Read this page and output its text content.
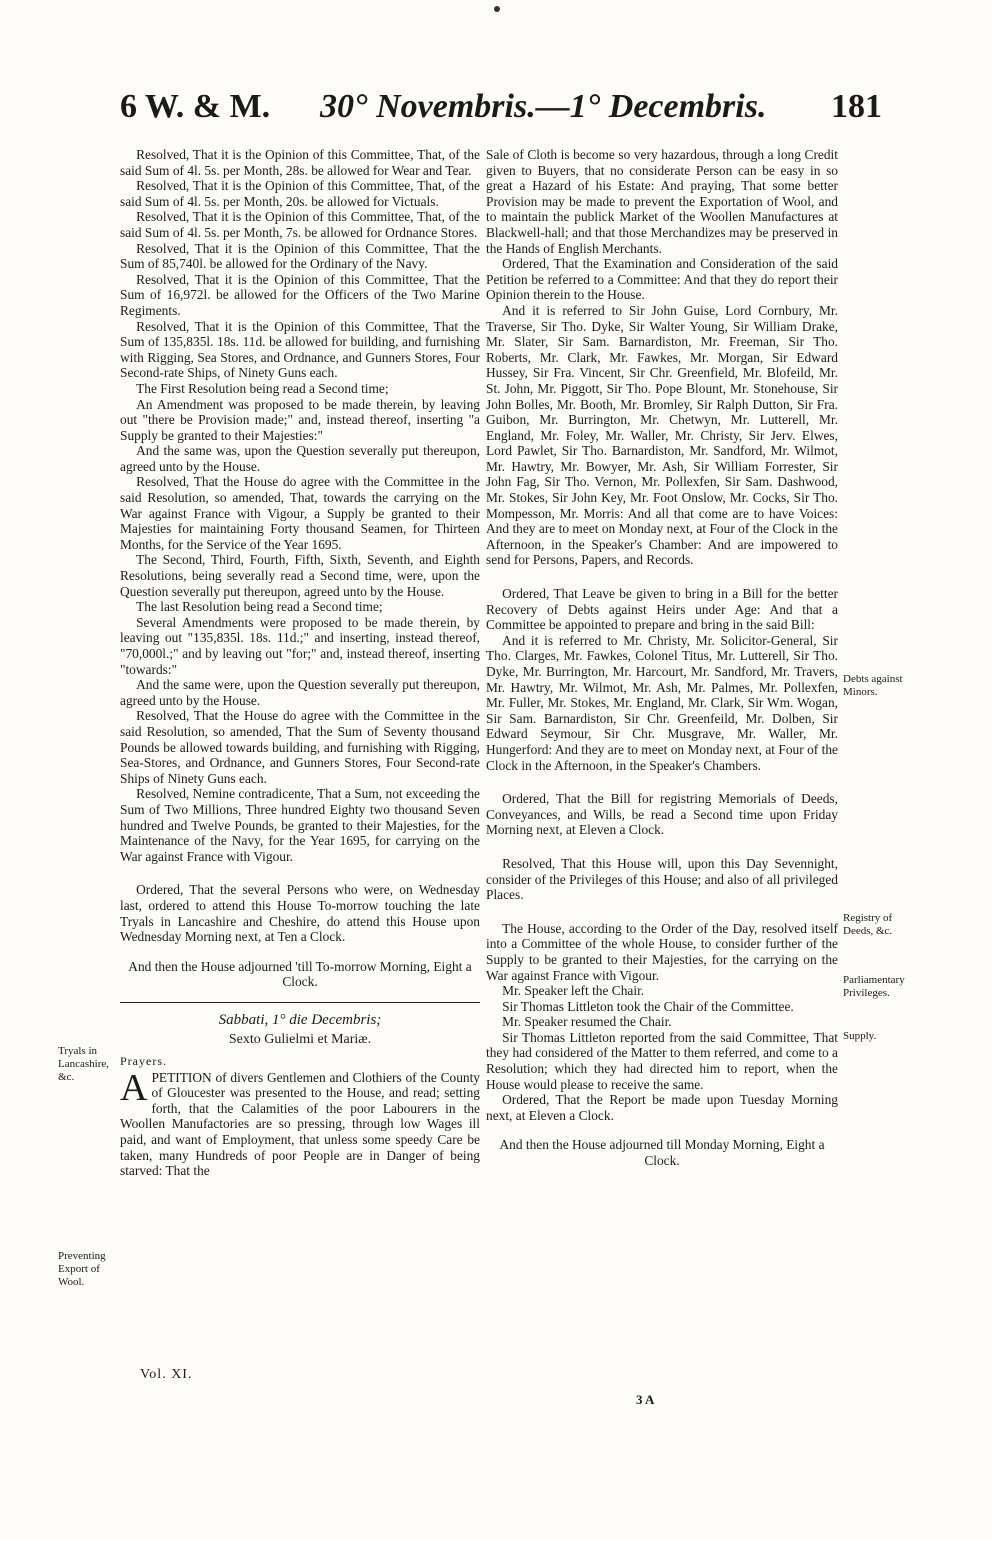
6 W. & M. 30° Novembris.—1° Decembris. 181

Resolved, That it is the Opinion of this Committee, That, of the said Sum of 4l. 5s. per Month, 28s. be allowed for Wear and Tear.

Resolved, That it is the Opinion of this Committee, That, of the said Sum of 4l. 5s. per Month, 20s. be allowed for Victuals.

Resolved, That it is the Opinion of this Committee, That, of the said Sum of 4l. 5s. per Month, 7s. be allowed for Ordnance Stores.

Resolved, That it is the Opinion of this Committee, That the Sum of 85,740l. be allowed for the Ordinary of the Navy.

Resolved, That it is the Opinion of this Committee, That the Sum of 16,972l. be allowed for the Officers of the Two Marine Regiments.

Resolved, That it is the Opinion of this Committee, That the Sum of 135,835l. 18s. 11d. be allowed for building, and furnishing with Rigging, Sea Stores, and Ordnance, and Gunners Stores, Four Second-rate Ships, of Ninety Guns each.

The First Resolution being read a Second time;

An Amendment was proposed to be made therein, by leaving out "there be Provision made;" and, instead thereof, inserting "a Supply be granted to their Majesties:"

And the same was, upon the Question severally put thereupon, agreed unto by the House.

Resolved, That the House do agree with the Committee in the said Resolution, so amended, That, towards the carrying on the War against France with Vigour, a Supply be granted to their Majesties for maintaining Forty thousand Seamen, for Thirteen Months, for the Service of the Year 1695.

The Second, Third, Fourth, Fifth, Sixth, Seventh, and Eighth Resolutions, being severally read a Second time, were, upon the Question severally put thereupon, agreed unto by the House.

The last Resolution being read a Second time;

Several Amendments were proposed to be made therein, by leaving out "135,835l. 18s. 11d.;" and inserting, instead thereof, "70,000l.;" and by leaving out "for;" and, instead thereof, inserting "towards:"

And the same were, upon the Question severally put thereupon, agreed unto by the House.

Resolved, That the House do agree with the Committee in the said Resolution, so amended, That the Sum of Seventy thousand Pounds be allowed towards building, and furnishing with Rigging, Sea-Stores, and Ordnance, and Gunners Stores, Four Second-rate Ships of Ninety Guns each.

Resolved, Nemine contradicente, That a Sum, not exceeding the Sum of Two Millions, Three hundred Eighty two thousand Seven hundred and Twelve Pounds, be granted to their Majesties, for the Maintenance of the Navy, for the Year 1695, for carrying on the War against France with Vigour.

Ordered, That the several Persons who were, on Wednesday last, ordered to attend this House To-morrow touching the late Tryals in Lancashire and Cheshire, do attend this House upon Wednesday Morning next, at Ten a Clock.

And then the House adjourned 'till To-morrow Morning, Eight a Clock.

Sabbati, 1° die Decembris;
Sexto Gulielmi et Mariæ.

Prayers.

APETITION of divers Gentlemen and Clothiers of the County of Gloucester was presented to the House, and read; setting forth, that the Calamities of the poor Labourers in the Woollen Manufactories are so pressing, through low Wages ill paid, and want of Employment, that unless some speedy Care be taken, many Hundreds of poor People are in Danger of being starved: That the

Sale of Cloth is become so very hazardous, through a long Credit given to Buyers, that no considerate Person can be easy in so great a Hazard of his Estate: And praying, That some better Provision may be made to prevent the Exportation of Wool, and to maintain the publick Market of the Woollen Manufactures at Blackwell-hall; and that those Merchandizes may be preserved in the Hands of English Merchants.

Ordered, That the Examination and Consideration of the said Petition be referred to a Committee: And that they do report their Opinion therein to the House.

And it is referred to Sir John Guise, Lord Cornbury, Mr. Traverse, Sir Tho. Dyke, Sir Walter Young, Sir William Drake, Mr. Slater, Sir Sam. Barnardiston, Mr. Freeman, Sir Tho. Roberts, Mr. Clark, Mr. Fawkes, Mr. Morgan, Sir Edward Hussey, Sir Fra. Vincent, Sir Chr. Greenfield, Mr. Blofeild, Mr. St. John, Mr. Piggott, Sir Tho. Pope Blount, Mr. Stonehouse, Sir John Bolles, Mr. Booth, Mr. Bromley, Sir Ralph Dutton, Sir Fra. Guibon, Mr. Burrington, Mr. Chetwyn, Mr. Lutterell, Mr. England, Mr. Foley, Mr. Waller, Mr. Christy, Sir Jerv. Elwes, Lord Pawlet, Sir Tho. Barnardiston, Mr. Sandford, Mr. Wilmot, Mr. Hawtry, Mr. Bowyer, Mr. Ash, Sir William Forrester, Sir John Fag, Sir Tho. Vernon, Mr. Pollexfen, Sir Sam. Dashwood, Mr. Stokes, Sir John Key, Mr. Foot Onslow, Mr. Cocks, Sir Tho. Mompesson, Mr. Morris: And all that come are to have Voices: And they are to meet on Monday next, at Four of the Clock in the Afternoon, in the Speaker's Chamber: And are impowered to send for Persons, Papers, and Records.

Ordered, That Leave be given to bring in a Bill for the better Recovery of Debts against Heirs under Age: And that a Committee be appointed to prepare and bring in the said Bill:

And it is referred to Mr. Christy, Mr. Solicitor-General, Sir Tho. Clarges, Mr. Fawkes, Colonel Titus, Mr. Lutterell, Sir Tho. Dyke, Mr. Burrington, Mr. Harcourt, Mr. Sandford, Mr. Travers, Mr. Hawtry, Mr. Wilmot, Mr. Ash, Mr. Palmes, Mr. Pollexfen, Mr. Fuller, Mr. Stokes, Mr. England, Mr. Clark, Sir Wm. Wogan, Sir Sam. Barnardiston, Sir Chr. Greenfeild, Mr. Dolben, Sir Edward Seymour, Sir Chr. Musgrave, Mr. Waller, Mr. Hungerford: And they are to meet on Monday next, at Four of the Clock in the Afternoon, in the Speaker's Chambers.

Ordered, That the Bill for registring Memorials of Deeds, Conveyances, and Wills, be read a Second time upon Friday Morning next, at Eleven a Clock.

Resolved, That this House will, upon this Day Sevennight, consider of the Privileges of this House; and also of all privileged Places.

The House, according to the Order of the Day, resolved itself into a Committee of the whole House, to consider further of the Supply to be granted to their Majesties, for the carrying on the War against France with Vigour.

Mr. Speaker left the Chair.

Sir Thomas Littleton took the Chair of the Committee.

Mr. Speaker resumed the Chair.

Sir Thomas Littleton reported from the said Committee, That they had considered of the Matter to them referred, and come to a Resolution; which they had directed him to report, when the House would please to receive the same.

Ordered, That the Report be made upon Tuesday Morning next, at Eleven a Clock.

And then the House adjourned till Monday Morning, Eight a Clock.

Tryals in Lancashire, &c.
Preventing Export of Wool.
Debts against Minors.
Registry of Deeds, &c.
Parliamentary Privileges.
Supply.
Vol. XI.
3 A
